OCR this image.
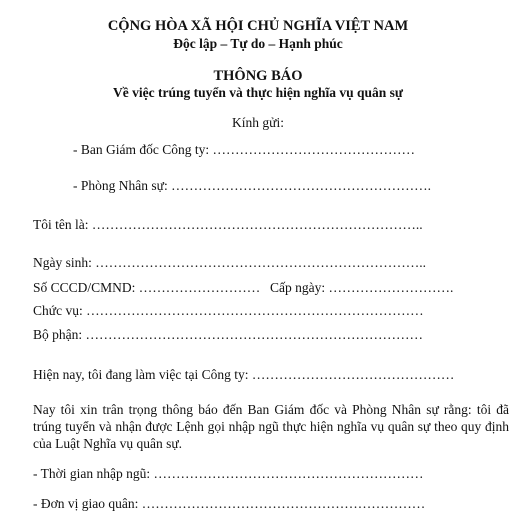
CỘNG HÒA XÃ HỘI CHỦ NGHĨA VIỆT NAM
Độc lập – Tự do – Hạnh phúc
THÔNG BÁO
Về việc trúng tuyển và thực hiện nghĩa vụ quân sự
Kính gửi:
- Ban Giám đốc Công ty: ………………………………………
- Phòng Nhân sự: ………………………………………………….
Tôi tên là: ………………………………………………………………..
Ngày sinh: ………………………………………………………………..
Số CCCD/CMND: ……………………… Cấp ngày: ……………………….
Chức vụ: …………………………………………………………………
Bộ phận: …………………………………………………………………
Hiện nay, tôi đang làm việc tại Công ty: ………………………………………
Nay tôi xin trân trọng thông báo đến Ban Giám đốc và Phòng Nhân sự rằng: tôi đã trúng tuyển và nhận được Lệnh gọi nhập ngũ thực hiện nghĩa vụ quân sự theo quy định của Luật Nghĩa vụ quân sự.
- Thời gian nhập ngũ: ……………………………………………………
- Đơn vị giao quân: ………………………………………………………
